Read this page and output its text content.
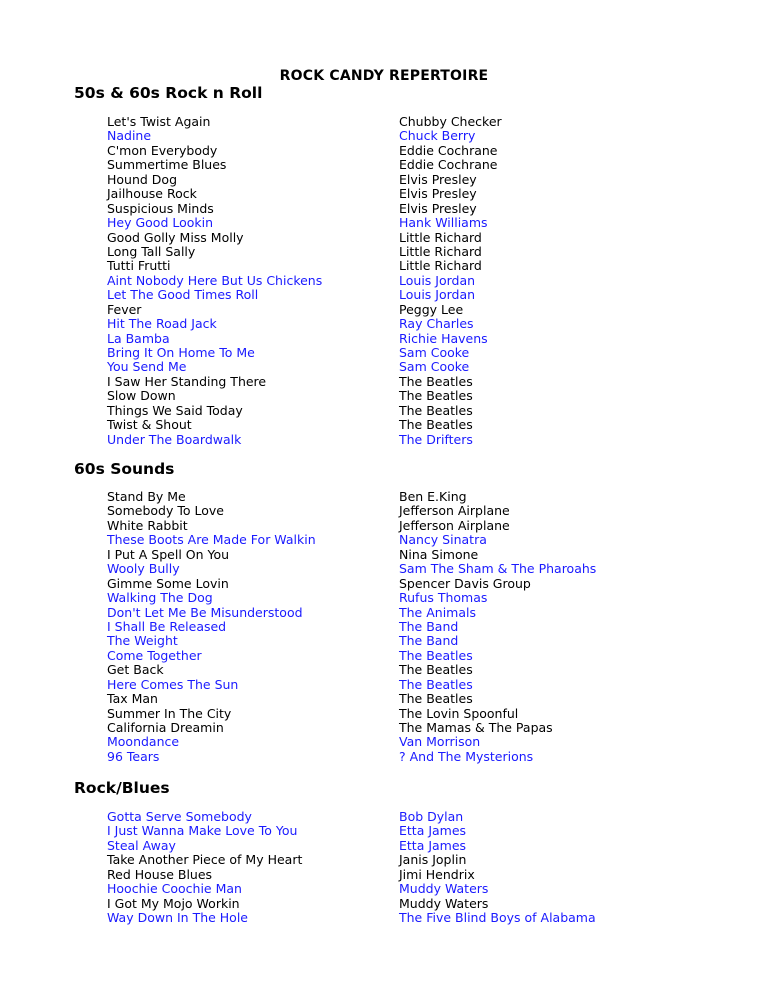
ROCK CANDY REPERTOIRE
50s & 60s Rock n Roll
Let's Twist Again	Chubby Checker
Nadine	Chuck Berry
C'mon Everybody	Eddie Cochrane
Summertime Blues	Eddie Cochrane
Hound Dog	Elvis Presley
Jailhouse Rock	Elvis Presley
Suspicious Minds	Elvis Presley
Hey Good Lookin	Hank Williams
Good Golly Miss Molly	Little Richard
Long Tall Sally	Little Richard
Tutti Frutti	Little Richard
Aint Nobody Here But Us Chickens	Louis Jordan
Let The Good Times Roll	Louis Jordan
Fever	Peggy Lee
Hit The Road Jack	Ray Charles
La Bamba	Richie Havens
Bring It On Home To Me	Sam Cooke
You Send Me	Sam Cooke
I Saw Her Standing There	The Beatles
Slow Down	The Beatles
Things We Said Today	The Beatles
Twist & Shout	The Beatles
Under The Boardwalk	The Drifters
60s Sounds
Stand By Me	Ben E.King
Somebody To Love	Jefferson Airplane
White Rabbit	Jefferson Airplane
These Boots Are Made For Walkin	Nancy Sinatra
I Put A Spell On You	Nina Simone
Wooly Bully	Sam The Sham & The Pharoahs
Gimme Some Lovin	Spencer Davis Group
Walking The Dog	Rufus Thomas
Don't Let Me Be Misunderstood	The Animals
I Shall Be Released	The Band
The Weight	The Band
Come Together	The Beatles
Get Back	The Beatles
Here Comes The Sun	The Beatles
Tax Man	The Beatles
Summer In The City	The Lovin Spoonful
California Dreamin	The Mamas & The Papas
Moondance	Van Morrison
96 Tears	? And The Mysterions
Rock/Blues
Gotta Serve Somebody	Bob Dylan
I Just Wanna Make Love To You	Etta James
Steal Away	Etta James
Take Another Piece of My Heart	Janis Joplin
Red House Blues	Jimi Hendrix
Hoochie Coochie Man	Muddy Waters
I Got My Mojo Workin	Muddy Waters
Way Down In The Hole	The Five Blind Boys of Alabama
